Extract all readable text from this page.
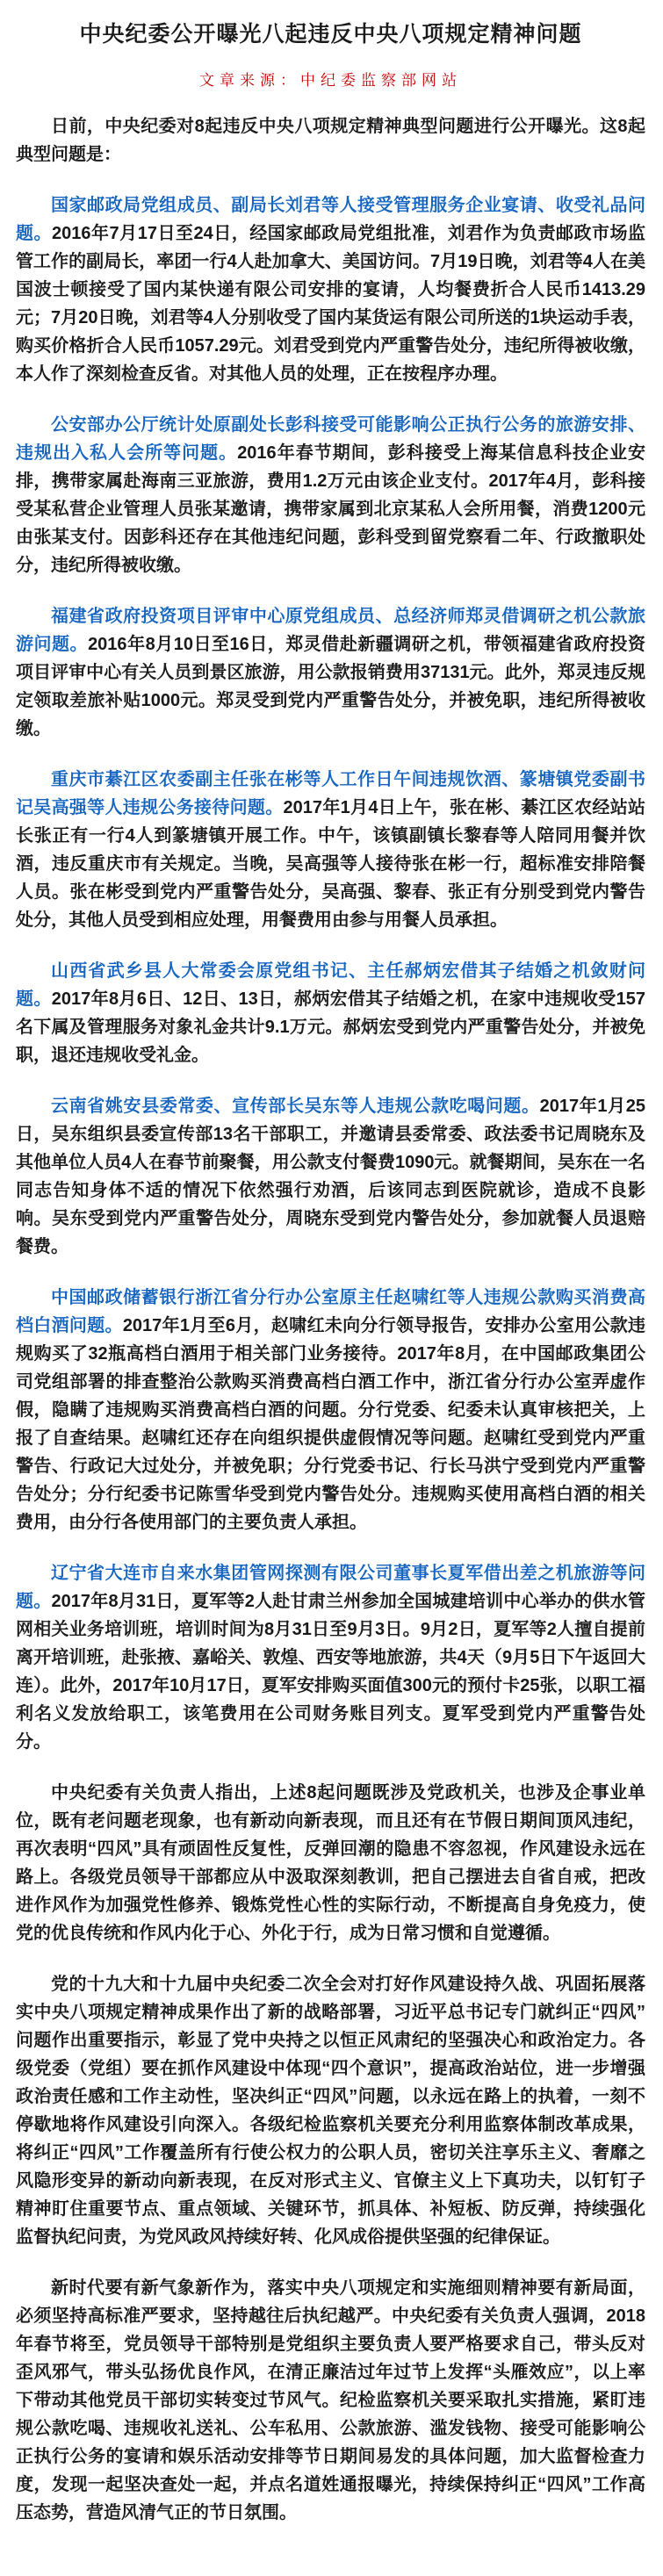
中央纪委公开曝光八起违反中央八项规定精神问题
文章来源：中纪委监察部网站

日前，中央纪委对8起违反中央八项规定精神典型问题进行公开曝光。这8起典型问题是：

国家邮政局党组成员、副局长刘君等人接受管理服务企业宴请、收受礼品问题。2016年7月17日至24日，经国家邮政局党组批准，刘君作为负责邮政市场监管工作的副局长，率团一行4人赴加拿大、美国访问。7月19日晚，刘君等4人在美国波士顿接受了国内某快递有限公司安排的宴请，人均餐费折合人民币1413.29元；7月20日晚，刘君等4人分别收受了国内某货运有限公司所送的1块运动手表，购买价格折合人民币1057.29元。刘君受到党内严重警告处分，违纪所得被收缴，本人作了深刻检查反省。对其他人员的处理，正在按程序办理。

公安部办公厅统计处原副处长彭科接受可能影响公正执行公务的旅游安排、违规出入私人会所等问题。2016年春节期间，彭科接受上海某信息科技企业安排，携带家属赴海南三亚旅游，费用1.2万元由该企业支付。2017年4月，彭科接受某私营企业管理人员张某邀请，携带家属到北京某私人会所用餐，消费1200元由张某支付。因彭科还存在其他违纪问题，彭科受到留党察看二年、行政撤职处分，违纪所得被收缴。

福建省政府投资项目评审中心原党组成员、总经济师郑灵借调研之机公款旅游问题。2016年8月10日至16日，郑灵借赴新疆调研之机，带领福建省政府投资项目评审中心有关人员到景区旅游，用公款报销费用37131元。此外，郑灵违反规定领取差旅补贴1000元。郑灵受到党内严重警告处分，并被免职，违纪所得被收缴。

重庆市綦江区农委副主任张在彬等人工作日午间违规饮酒、篆塘镇党委副书记吴高强等人违规公务接待问题。2017年1月4日上午，张在彬、綦江区农经站站长张正有一行4人到篆塘镇开展工作。中午，该镇副镇长黎春等人陪同用餐并饮酒，违反重庆市有关规定。当晚，吴高强等人接待张在彬一行，超标准安排陪餐人员。张在彬受到党内严重警告处分，吴高强、黎春、张正有分别受到党内警告处分，其他人员受到相应处理，用餐费用由参与用餐人员承担。

山西省武乡县人大常委会原党组书记、主任郝炳宏借其子结婚之机敛财问题。2017年8月6日、12日、13日，郝炳宏借其子结婚之机，在家中违规收受157名下属及管理服务对象礼金共计9.1万元。郝炳宏受到党内严重警告处分，并被免职，退还违规收受礼金。

云南省姚安县委常委、宣传部长吴东等人违规公款吃喝问题。2017年1月25日，吴东组织县委宣传部13名干部职工，并邀请县委常委、政法委书记周晓东及其他单位人员4人在春节前聚餐，用公款支付餐费1090元。就餐期间，吴东在一名同志告知身体不适的情况下依然强行劝酒，后该同志到医院就诊，造成不良影响。吴东受到党内严重警告处分，周晓东受到党内警告处分，参加就餐人员退赔餐费。

中国邮政储蓄银行浙江省分行办公室原主任赵啸红等人违规公款购买消费高档白酒问题。2017年1月至6月，赵啸红未向分行领导报告，安排办公室用公款违规购买了32瓶高档白酒用于相关部门业务接待。2017年8月，在中国邮政集团公司党组部署的排查整治公款购买消费高档白酒工作中，浙江省分行办公室弄虚作假，隐瞒了违规购买消费高档白酒的问题。分行党委、纪委未认真审核把关，上报了自查结果。赵啸红还存在向组织提供虚假情况等问题。赵啸红受到党内严重警告、行政记大过处分，并被免职；分行党委书记、行长马洪宁受到党内严重警告处分；分行纪委书记陈雪华受到党内警告处分。违规购买使用高档白酒的相关费用，由分行各使用部门的主要负责人承担。

辽宁省大连市自来水集团管网探测有限公司董事长夏军借出差之机旅游等问题。2017年8月31日，夏军等2人赴甘肃兰州参加全国城建培训中心举办的供水管网相关业务培训班，培训时间为8月31日至9月3日。9月2日，夏军等2人擅自提前离开培训班，赴张掖、嘉峪关、敦煌、西安等地旅游，共4天（9月5日下午返回大连）。此外，2017年10月17日，夏军安排购买面值300元的预付卡25张，以职工福利名义发放给职工，该笔费用在公司财务账目列支。夏军受到党内严重警告处分。

中央纪委有关负责人指出，上述8起问题既涉及党政机关，也涉及企事业单位，既有老问题老现象，也有新动向新表现，而且还有在节假日期间顶风违纪，再次表明“四风”具有顽固性反复性，反弹回潮的隐患不容忽视，作风建设永远在路上。各级党员领导干部都应从中汲取深刻教训，把自己摆进去自省自戒，把改进作风作为加强党性修养、锻炼党性心性的实际行动，不断提高自身免疫力，使党的优良传统和作风内化于心、外化于行，成为日常习惯和自觉遵循。

党的十九大和十九届中央纪委二次全会对打好作风建设持久战、巩固拓展落实中央八项规定精神成果作出了新的战略部署，习近平总书记专门就纠正“四风”问题作出重要指示，彰显了党中央持之以恒正风肃纪的坚强决心和政治定力。各级党委（党组）要在抓作风建设中体现“四个意识”，提高政治站位，进一步增强政治责任感和工作主动性，坚决纠正“四风”问题，以永远在路上的执着，一刻不停歇地将作风建设引向深入。各级纪检监察机关要充分利用监察体制改革成果，将纠正“四风”工作覆盖所有行使公权力的公职人员，密切关注享乐主义、奢靡之风隐形变异的新动向新表现，在反对形式主义、官僚主义上下真功夫，以钉钉子精神盯住重要节点、重点领域、关键环节，抓具体、补短板、防反弹，持续强化监督执纪问责，为党风政风持续好转、化风成俗提供坚强的纪律保证。

新时代要有新气象新作为，落实中央八项规定和实施细则精神要有新局面，必须坚持高标准严要求，坚持越往后执纪越严。中央纪委有关负责人强调，2018年春节将至，党员领导干部特别是党组织主要负责人要严格要求自己，带头反对歪风邪气，带头弘扬优良作风，在清正廉洁过年过节上发挥“头雁效应”，以上率下带动其他党员干部切实转变过节风气。纪检监察机关要采取扎实措施，紧盯违规公款吃喝、违规收礼送礼、公车私用、公款旅游、滥发钱物、接受可能影响公正执行公务的宴请和娱乐活动安排等节日期间易发的具体问题，加大监督检查力度，发现一起坚决查处一起，并点名道姓通报曝光，持续保持纠正“四风”工作高压态势，营造风清气正的节日氛围。
